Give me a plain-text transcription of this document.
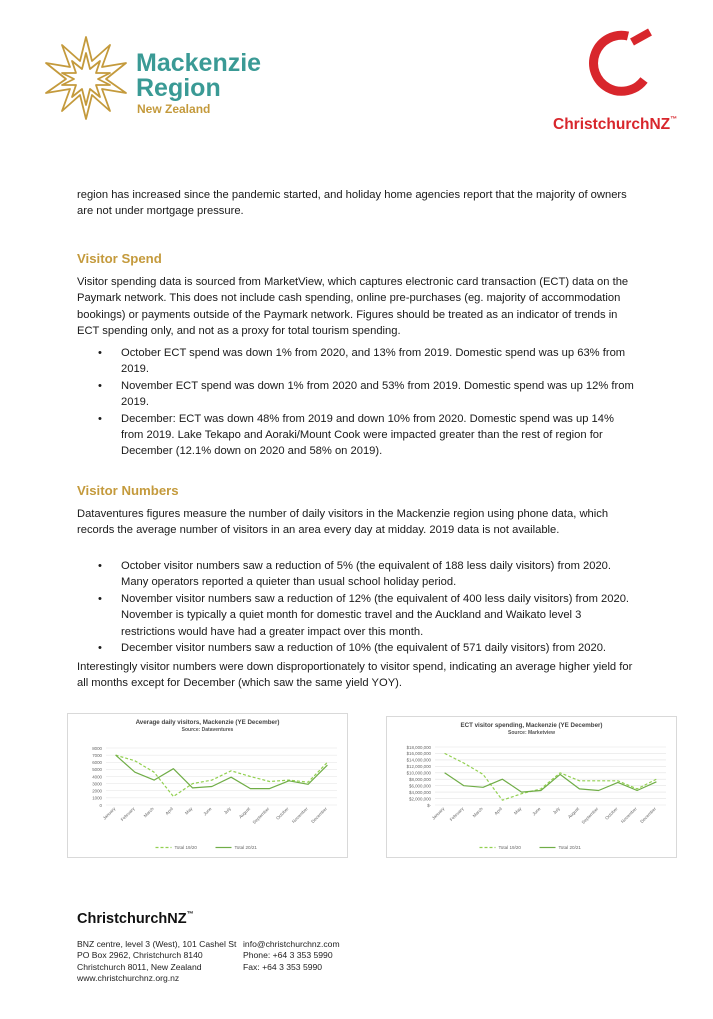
Mackenzie
Region
New Zealand
ChristchurchNZ™

region has increased since the pandemic started, and holiday home agencies report that the majority of owners are not under mortgage pressure.

Visitor Spend

Visitor spending data is sourced from MarketView, which captures electronic card transaction (ECT) data on the Paymark network. This does not include cash spending, online pre-purchases (eg. majority of accommodation bookings) or payments outside of the Paymark network. Figures should be treated as an indicator of trends in ECT spending only, and not as a proxy for total tourism spending.

• October ECT spend was down 1% from 2020, and 13% from 2019. Domestic spend was up 63% from 2019.
• November ECT spend was down 1% from 2020 and 53% from 2019. Domestic spend was up 12% from 2019.
• December: ECT was down 48% from 2019 and down 10% from 2020. Domestic spend was up 14% from 2019. Lake Tekapo and Aoraki/Mount Cook were impacted greater than the rest of region for December (12.1% down on 2020 and 58% on 2019).
Visitor Numbers

Dataventures figures measure the number of daily visitors in the Mackenzie region using phone data, which records the average number of visitors in an area every day at midday. 2019 data is not available.

• October visitor numbers saw a reduction of 5% (the equivalent of 188 less daily visitors) from 2020. Many operators reported a quieter than usual school holiday period.
• November visitor numbers saw a reduction of 12% (the equivalent of 400 less daily visitors) from 2020. November is typically a quiet month for domestic travel and the Auckland and Waikato level 3 restrictions would have had a greater impact over this month.
• December visitor numbers saw a reduction of 10% (the equivalent of 571 daily visitors) from 2020.

Interestingly visitor numbers were down disproportionately to visitor spend, indicating an average higher yield for all months except for December (which saw the same yield YOY).

Average daily visitors, Mackenzie (YE December)
Source: Dataventures
0
1000
2000
3000
4000
5000
6000
7000
8000
January February March April May June July August September October November December
Total 19/20	Total 20/21
ECT visitor spending, Mackenzie (YE December)
Source: Marketview
$-
$2,000,000
$4,000,000
$6,000,000
$8,000,000
$10,000,000
$12,000,000
$14,000,000
$16,000,000
$18,000,000
January February March April May June July August September October November December
Total 19/20	Total 20/21
ChristchurchNZ™
BNZ centre, level 3 (West), 101 Cashel St
PO Box 2962, Christchurch 8140
Christchurch 8011, New Zealand
www.christchurchnz.org.nz
info@christchurchnz.com
Phone: +64 3 353 5990
Fax: +64 3 353 5990
